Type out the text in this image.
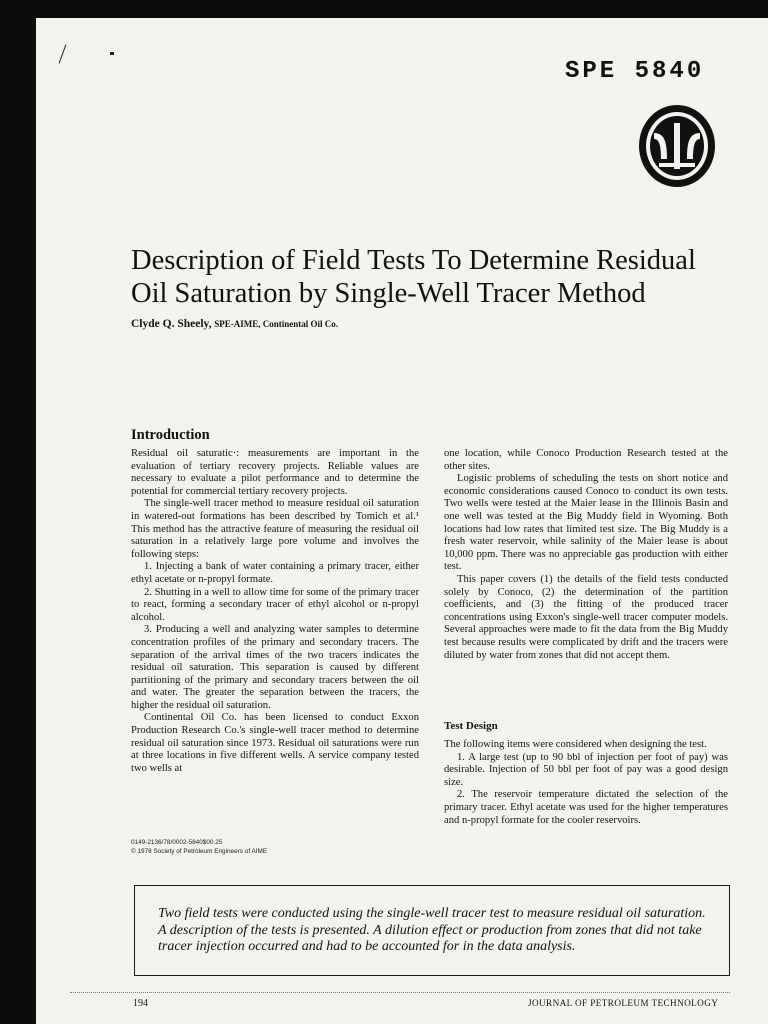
SPE 5840
Description of Field Tests To Determine Residual
Oil Saturation by Single-Well Tracer Method
Clyde Q. Sheely, SPE-AIME, Continental Oil Co.
Introduction

Residual oil saturatic·: measurements are important in the evaluation of tertiary recovery projects. Reliable values are necessary to evaluate a pilot performance and to determine the potential for commercial tertiary recovery projects.

The single-well tracer method to measure residual oil saturation in watered-out formations has been described by Tomich et al.¹ This method has the attractive feature of measuring the residual oil saturation in a relatively large pore volume and involves the following steps:

1. Injecting a bank of water containing a primary tracer, either ethyl acetate or n-propyl formate.

2. Shutting in a well to allow time for some of the primary tracer to react, forming a secondary tracer of ethyl alcohol or n-propyl alcohol.

3. Producing a well and analyzing water samples to determine concentration profiles of the primary and secondary tracers. The separation of the arrival times of the two tracers indicates the residual oil saturation. This separation is caused by different partitioning of the primary and secondary tracers between the oil and water. The greater the separation between the tracers, the higher the residual oil saturation.

Continental Oil Co. has been licensed to conduct Exxon Production Research Co.'s single-well tracer method to determine residual oil saturation since 1973. Residual oil saturations were run at three locations in five different wells. A service company tested two wells at

one location, while Conoco Production Research tested at the other sites.

Logistic problems of scheduling the tests on short notice and economic considerations caused Conoco to conduct its own tests. Two wells were tested at the Maier lease in the Illinois Basin and one well was tested at the Big Muddy field in Wyoming. Both locations had low rates that limited test size. The Big Muddy is a fresh water reservoir, while salinity of the Maier lease is about 10,000 ppm. There was no appreciable gas production with either test.

This paper covers (1) the details of the field tests conducted solely by Conoco, (2) the determination of the partition coefficients, and (3) the fitting of the produced tracer concentrations using Exxon's single-well tracer computer models. Several approaches were made to fit the data from the Big Muddy test because results were complicated by drift and the tracers were diluted by water from zones that did not accept them.

Test Design

The following items were considered when designing the test.

1. A large test (up to 90 bbl of injection per foot of pay) was desirable. Injection of 50 bbl per foot of pay was a good design size.

2. The reservoir temperature dictated the selection of the primary tracer. Ethyl acetate was used for the higher temperatures and n-propyl formate for the cooler reservoirs.

0149-2136/78/0002-5840$00.25
© 1978 Society of Petroleum Engineers of AIME
Two field tests were conducted using the single-well tracer test to measure residual oil saturation. A description of the tests is presented. A dilution effect or production from zones that did not take tracer injection occurred and had to be accounted for in the data analysis.
194	JOURNAL OF PETROLEUM TECHNOLOGY
